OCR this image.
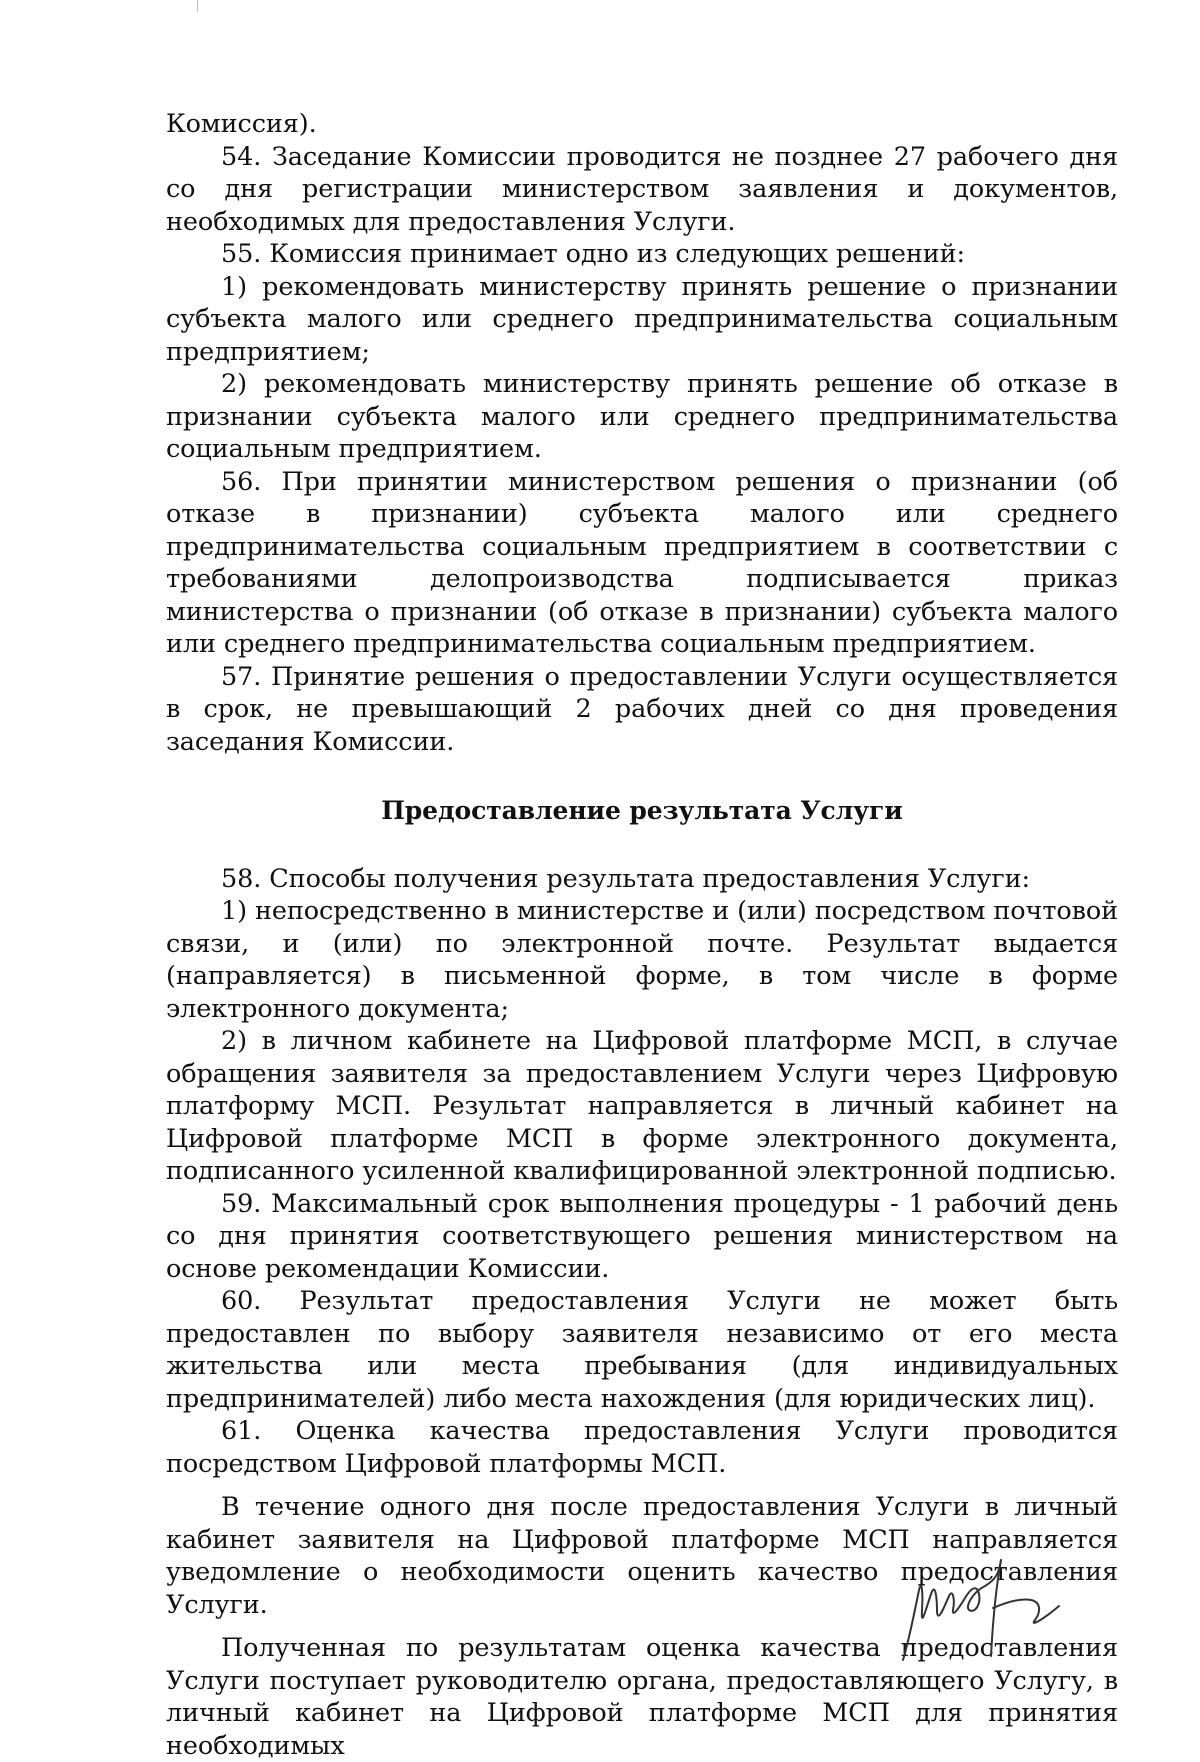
Комиссия).

54. Заседание Комиссии проводится не позднее 27 рабочего дня со дня регистрации министерством заявления и документов, необходимых для предоставления Услуги.

55. Комиссия принимает одно из следующих решений:

1) рекомендовать министерству принять решение о признании субъекта малого или среднего предпринимательства социальным предприятием;

2) рекомендовать министерству принять решение об отказе в признании субъекта малого или среднего предпринимательства социальным предприятием.

56. При принятии министерством решения о признании (об отказе в признании) субъекта малого или среднего предпринимательства социальным предприятием в соответствии с требованиями делопроизводства подписывается приказ министерства о признании (об отказе в признании) субъекта малого или среднего предпринимательства социальным предприятием.

57. Принятие решения о предоставлении Услуги осуществляется в срок, не превышающий 2 рабочих дней со дня проведения заседания Комиссии.

Предоставление результата Услуги

58. Способы получения результата предоставления Услуги:

1) непосредственно в министерстве и (или) посредством почтовой связи, и (или) по электронной почте. Результат выдается (направляется) в письменной форме, в том числе в форме электронного документа;

2) в личном кабинете на Цифровой платформе МСП, в случае обращения заявителя за предоставлением Услуги через Цифровую платформу МСП. Результат направляется в личный кабинет на Цифровой платформе МСП в форме электронного документа, подписанного усиленной квалифицированной электронной подписью.

59. Максимальный срок выполнения процедуры - 1 рабочий день со дня принятия соответствующего решения министерством на основе рекомендации Комиссии.

60. Результат предоставления Услуги не может быть предоставлен по выбору заявителя независимо от его места жительства или места пребывания (для индивидуальных предпринимателей) либо места нахождения (для юридических лиц).

61. Оценка качества предоставления Услуги проводится посредством Цифровой платформы МСП.

В течение одного дня после предоставления Услуги в личный кабинет заявителя на Цифровой платформе МСП направляется уведомление о необходимости оценить качество предоставления Услуги.

Полученная по результатам оценка качества предоставления Услуги поступает руководителю органа, предоставляющего Услугу, в личный кабинет на Цифровой платформе МСП для принятия необходимых
